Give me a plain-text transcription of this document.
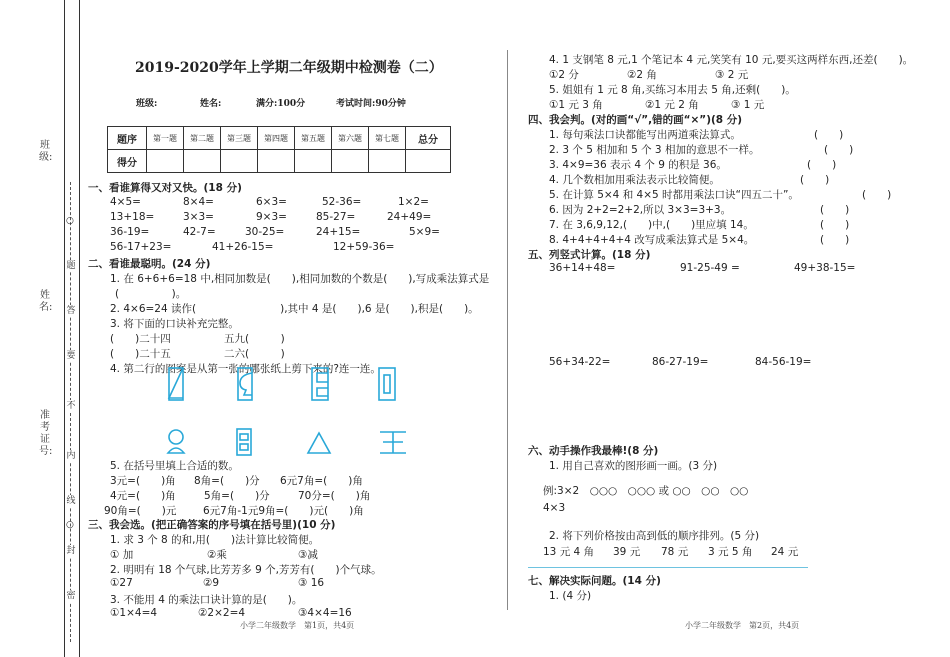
班级:
姓名:
准考证号:
○
○
题
答
要
不
内
线
封
密
2019-2020学年上学期二年级期中检测卷（二）
班级:	姓名:	满分:100分	考试时间:90分钟
题序	第一题	第二题	第三题	第四题	第五题	第六题	第七题	总分
得分								
一、看谁算得又对又快。(18 分)
4×5=	8×4=	6×3=	52-36=	1×2=
13+18=	3×3=	9×3=	85-27=	24+49=
36-19=	42-7=	30-25=	24+15=	5×9=
56-17+23=	41+26-15=	12+59-36=
二、看谁最聪明。(24 分)
1. 在 6+6+6=18 中,相同加数是(　　),相同加数的个数是(　　),写成乘法算式是
(　　　　　)。
2. 4×6=24 读作(　　　　　　　　),其中 4 是(　　),6 是(　　),积是(　　)。
3. 将下面的口诀补充完整。
(　　)二十四	五九(　　　)
(　　)二十五	二六(　　　)
4. 第二行的图案是从第一张的哪张纸上剪下来的?连一连。
5. 在括号里填上合适的数。
3元=(　　)角 8角=(　　)分 6元7角=(　　)角
4元=(　　)角	5角=(　　)分	70分=(　　)角
90角=(　　)元	6元7角-1元9角=(　　)元(　　)角
三、我会选。(把正确答案的序号填在括号里)(10 分)
1. 求 3 个 8 的和,用(　　)法计算比较简便。
① 加	②乘	③减
2. 明明有 18 个气球,比芳芳多 9 个,芳芳有(　　)个气球。
①27	②9	③ 16
3. 不能用 4 的乘法口诀计算的是(　　)。
①1×4=4	②2×2=4	③4×4=16
小学二年级数学　第1页，共4页
4. 1 支钢笔 8 元,1 个笔记本 4 元,笑笑有 10 元,要买这两样东西,还差(　　)。
①2 分	②2 角	③ 2 元
5. 姐姐有 1 元 8 角,买练习本用去 5 角,还剩(　　)。
①1 元 3 角	②1 元 2 角	③ 1 元
四、我会判。(对的画“√”,错的画“×”)(8 分)
1. 每句乘法口诀都能写出两道乘法算式。	(　　)
2. 3 个 5 相加和 5 个 3 相加的意思不一样。	(　　)
3. 4×9=36 表示 4 个 9 的积是 36。	(　　)
4. 几个数相加用乘法表示比较简便。	(　　)
5. 在计算 5×4 和 4×5 时都用乘法口诀“四五二十”。	(　　)
6. 因为 2+2=2+2,所以 3×3=3+3。	(　　)
7. 在 3,6,9,12,(　　)中,(　　)里应填 14。	(　　)
8. 4+4+4+4+4 改写成乘法算式是 5×4。	(　　)
五、列竖式计算。(18 分)
36+14+48=	91-25-49 =	49+38-15=
56+34-22=	86-27-19=	84-56-19=
六、动手操作我最棒!(8 分)
1. 用自己喜欢的图形画一画。(3 分)
例:3×2　○○○　○○○ 或 ○○　○○　○○
4×3
2. 将下列价格按由高到低的顺序排列。(5 分)
13 元 4 角 39 元 78 元 3 元 5 角 24 元
七、解决实际问题。(14 分)
1. (4 分)
小学二年级数学　第2页，共4页
